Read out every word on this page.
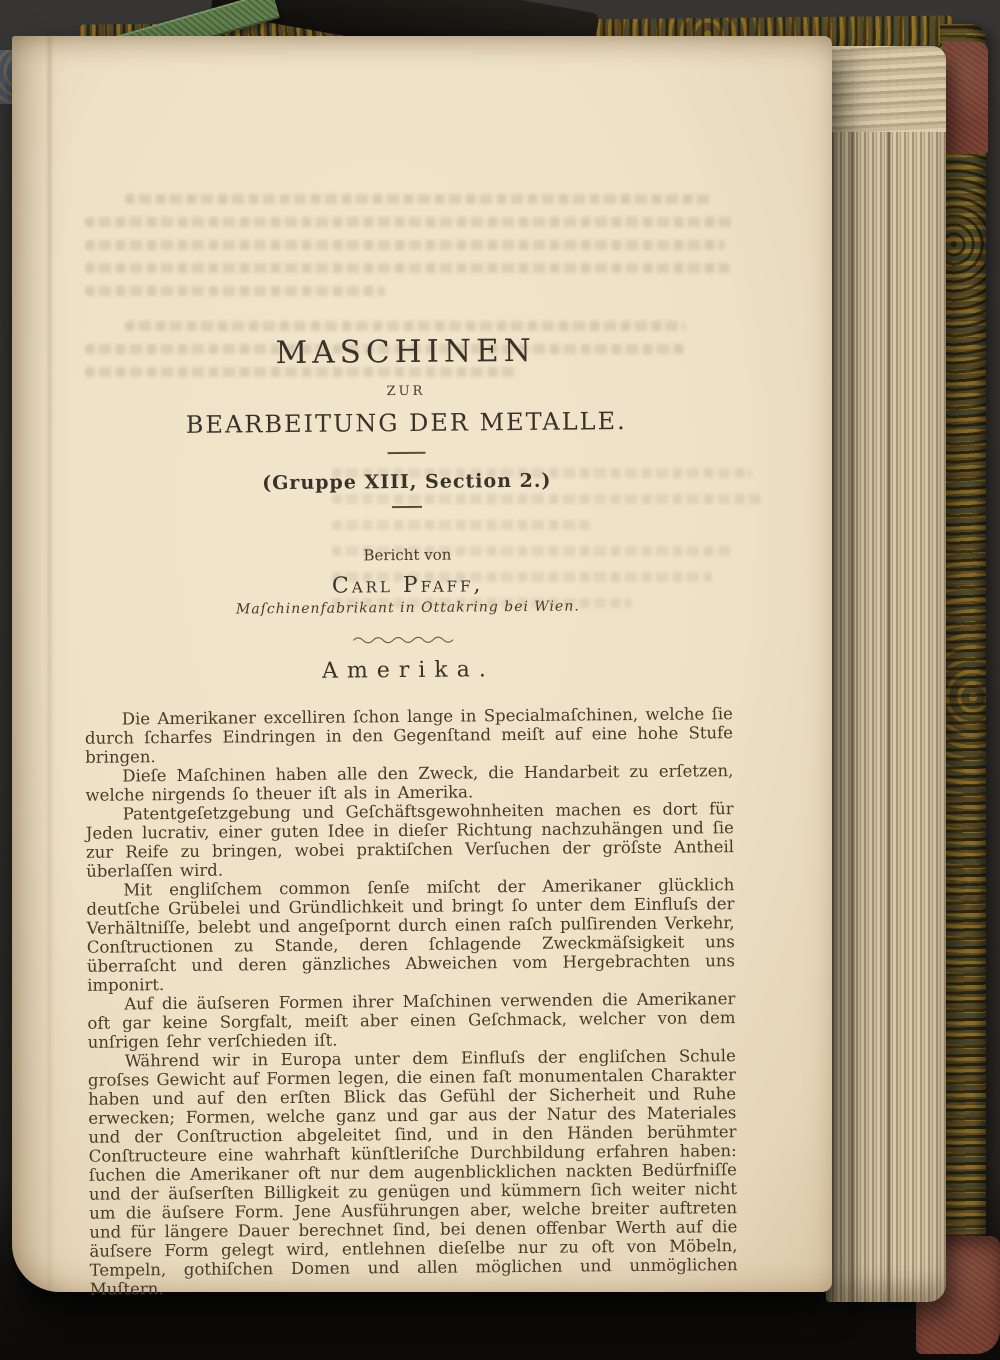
MASCHINEN
ZUR
BEARBEITUNG DER METALLE.
(Gruppe XIII, Section 2.)
Bericht von
Carl Pfaff,
Maſchinenfabrikant in Ottakring bei Wien.
Amerika.

Die Amerikaner excelliren ſchon lange in Specialmaſchinen, welche ſie durch ſcharfes Eindringen in den Gegenſtand meiſt auf eine hohe Stufe bringen.

Dieſe Maſchinen haben alle den Zweck, die Handarbeit zu erſetzen, welche nirgends ſo theuer iſt als in Amerika.

Patentgeſetzgebung und Geſchäftsgewohnheiten machen es dort für Jeden lucrativ, einer guten Idee in dieſer Richtung nachzuhängen und ſie zur Reife zu bringen, wobei praktiſchen Verſuchen der gröſste Antheil überlaſſen wird.

Mit engliſchem common ſenſe miſcht der Amerikaner glücklich deutſche Grübelei und Gründlichkeit und bringt ſo unter dem Einfluſs der Verhältniſſe, belebt und angeſpornt durch einen raſch pulſirenden Verkehr, Conſtructionen zu Stande, deren ſchlagende Zweckmäſsigkeit uns überraſcht und deren gänzliches Abweichen vom Hergebrachten uns imponirt.

Auf die äuſseren Formen ihrer Maſchinen verwenden die Amerikaner oft gar keine Sorgfalt, meiſt aber einen Geſchmack, welcher von dem unſrigen ſehr verſchieden iſt.

Während wir in Europa unter dem Einfluſs der engliſchen Schule groſses Gewicht auf Formen legen, die einen faſt monumentalen Charakter haben und auf den erſten Blick das Gefühl der Sicherheit und Ruhe erwecken; Formen, welche ganz und gar aus der Natur des Materiales und der Conſtruction abgeleitet ſind, und in den Händen berühmter Conſtructeure eine wahrhaft künſtleriſche Durchbildung erfahren haben: ſuchen die Amerikaner oft nur dem augenblicklichen nackten Bedürfniſſe und der äuſserſten Billigkeit zu genügen und kümmern ſich weiter nicht um die äuſsere Form. Jene Ausführungen aber, welche breiter auftreten und für längere Dauer berechnet ſind, bei denen offenbar Werth auf die äuſsere Form gelegt wird, entlehnen dieſelbe nur zu oft von Möbeln, Tempeln, gothiſchen Domen und allen möglichen und unmöglichen Muſtern.
